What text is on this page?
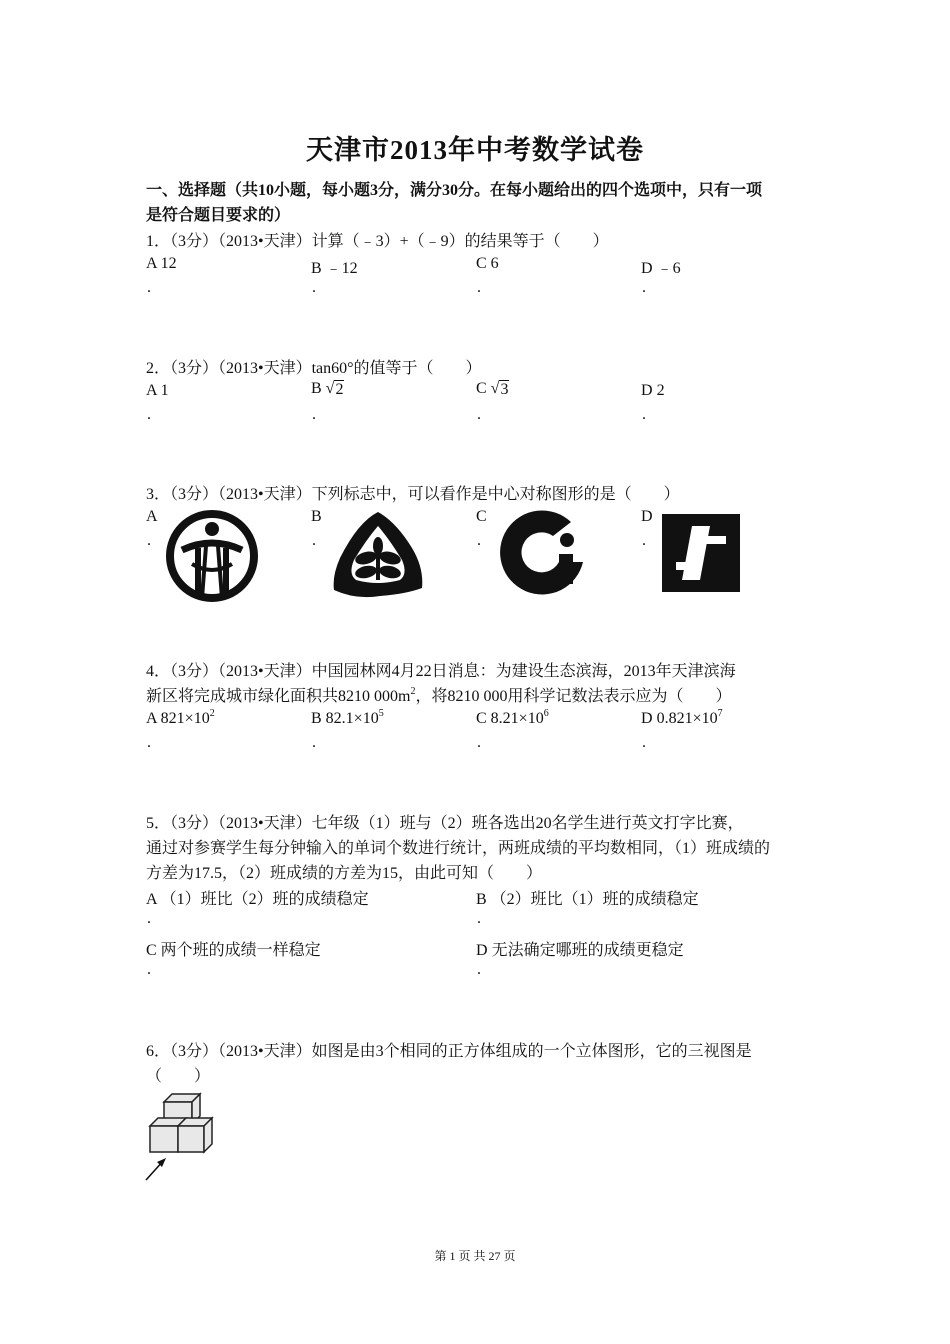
天津市2013年中考数学试卷
一、选择题（共10小题，每小题3分，满分30分。在每小题给出的四个选项中，只有一项
是符合题目要求的）
1．（3分）（2013•天津）计算（﹣3）+（﹣9）的结果等于（　　）
A 12	B ﹣12	C 6	D ﹣6
.	.	.	.
2．（3分）（2013•天津）tan60°的值等于（　　）
A 1	B √ 2	C √ 3	D 2
.	.	.	.
3．（3分）（2013•天津）下列标志中，可以看作是中心对称图形的是（　　）
A	B	C	D
.	.	.	.
4．（3分）（2013•天津）中国园林网4月22日消息：为建设生态滨海，2013年天津滨海
新区将完成城市绿化面积共8210 $000m^2$，将8210 000用科学记数法表示应为（　　）
A $821\times 10^2$	B $82.1\times 10^5$	C $8.21\times 10^6$	D $0.821\times 10^7$
.	.	.	.
5．（3分）（2013•天津）七年级（1）班与（2）班各选出20名学生进行英文打字比赛，
通过对参赛学生每分钟输入的单词个数进行统计，两班成绩的平均数相同，（1）班成绩的
方差为17.5，（2）班成绩的方差为15，由此可知（　　）
A （1）班比（2）班的成绩稳定	B （2）班比（1）班的成绩稳定
.	.
C 两个班的成绩一样稳定	D 无法确定哪班的成绩更稳定
.	.
6．（3分）（2013•天津）如图是由3个相同的正方体组成的一个立体图形，它的三视图是
（　　）
第 1 页 共 27 页
